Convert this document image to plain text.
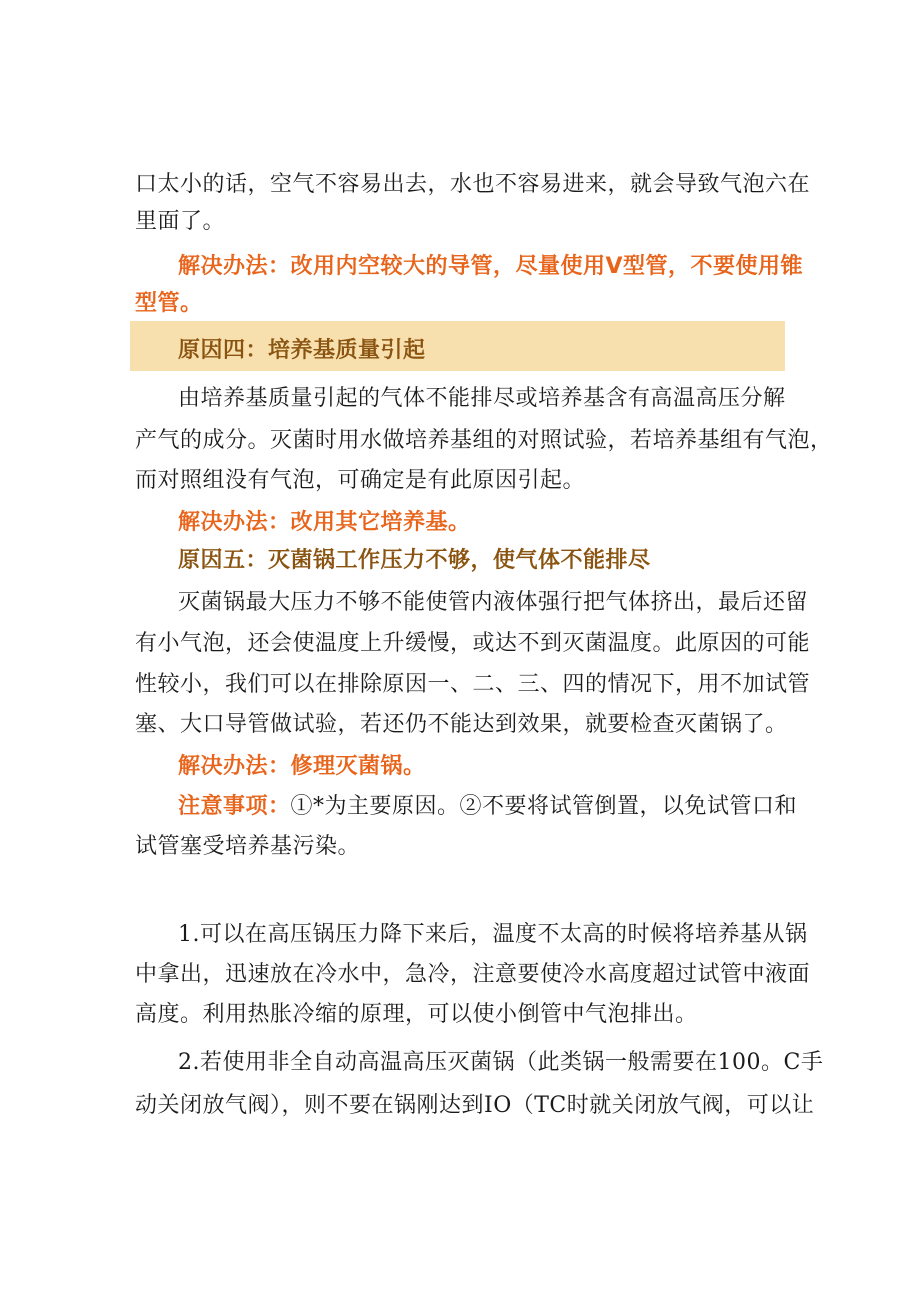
口太小的话，空气不容易出去，水也不容易进来，就会导致气泡六在
里面了。
解决办法：改用内空较大的导管，尽量使用V型管，不要使用锥
型管。
原因四：培养基质量引起
由培养基质量引起的气体不能排尽或培养基含有高温高压分解
产气的成分。灭菌时用水做培养基组的对照试验，若培养基组有气泡，
而对照组没有气泡，可确定是有此原因引起。
解决办法：改用其它培养基。
原因五：灭菌锅工作压力不够，使气体不能排尽
灭菌锅最大压力不够不能使管内液体强行把气体挤出，最后还留
有小气泡，还会使温度上升缓慢，或达不到灭菌温度。此原因的可能
性较小，我们可以在排除原因一、二、三、四的情况下，用不加试管
塞、大口导管做试验，若还仍不能达到效果，就要检查灭菌锅了。
解决办法：修理灭菌锅。
注意事项：①*为主要原因。②不要将试管倒置，以免试管口和
试管塞受培养基污染。
1.可以在高压锅压力降下来后，温度不太高的时候将培养基从锅
中拿出，迅速放在冷水中，急冷，注意要使冷水高度超过试管中液面
高度。利用热胀冷缩的原理，可以使小倒管中气泡排出。
2.若使用非全自动高温高压灭菌锅（此类锅一般需要在100。C手
动关闭放气阀），则不要在锅刚达到IO（TC时就关闭放气阀，可以让
